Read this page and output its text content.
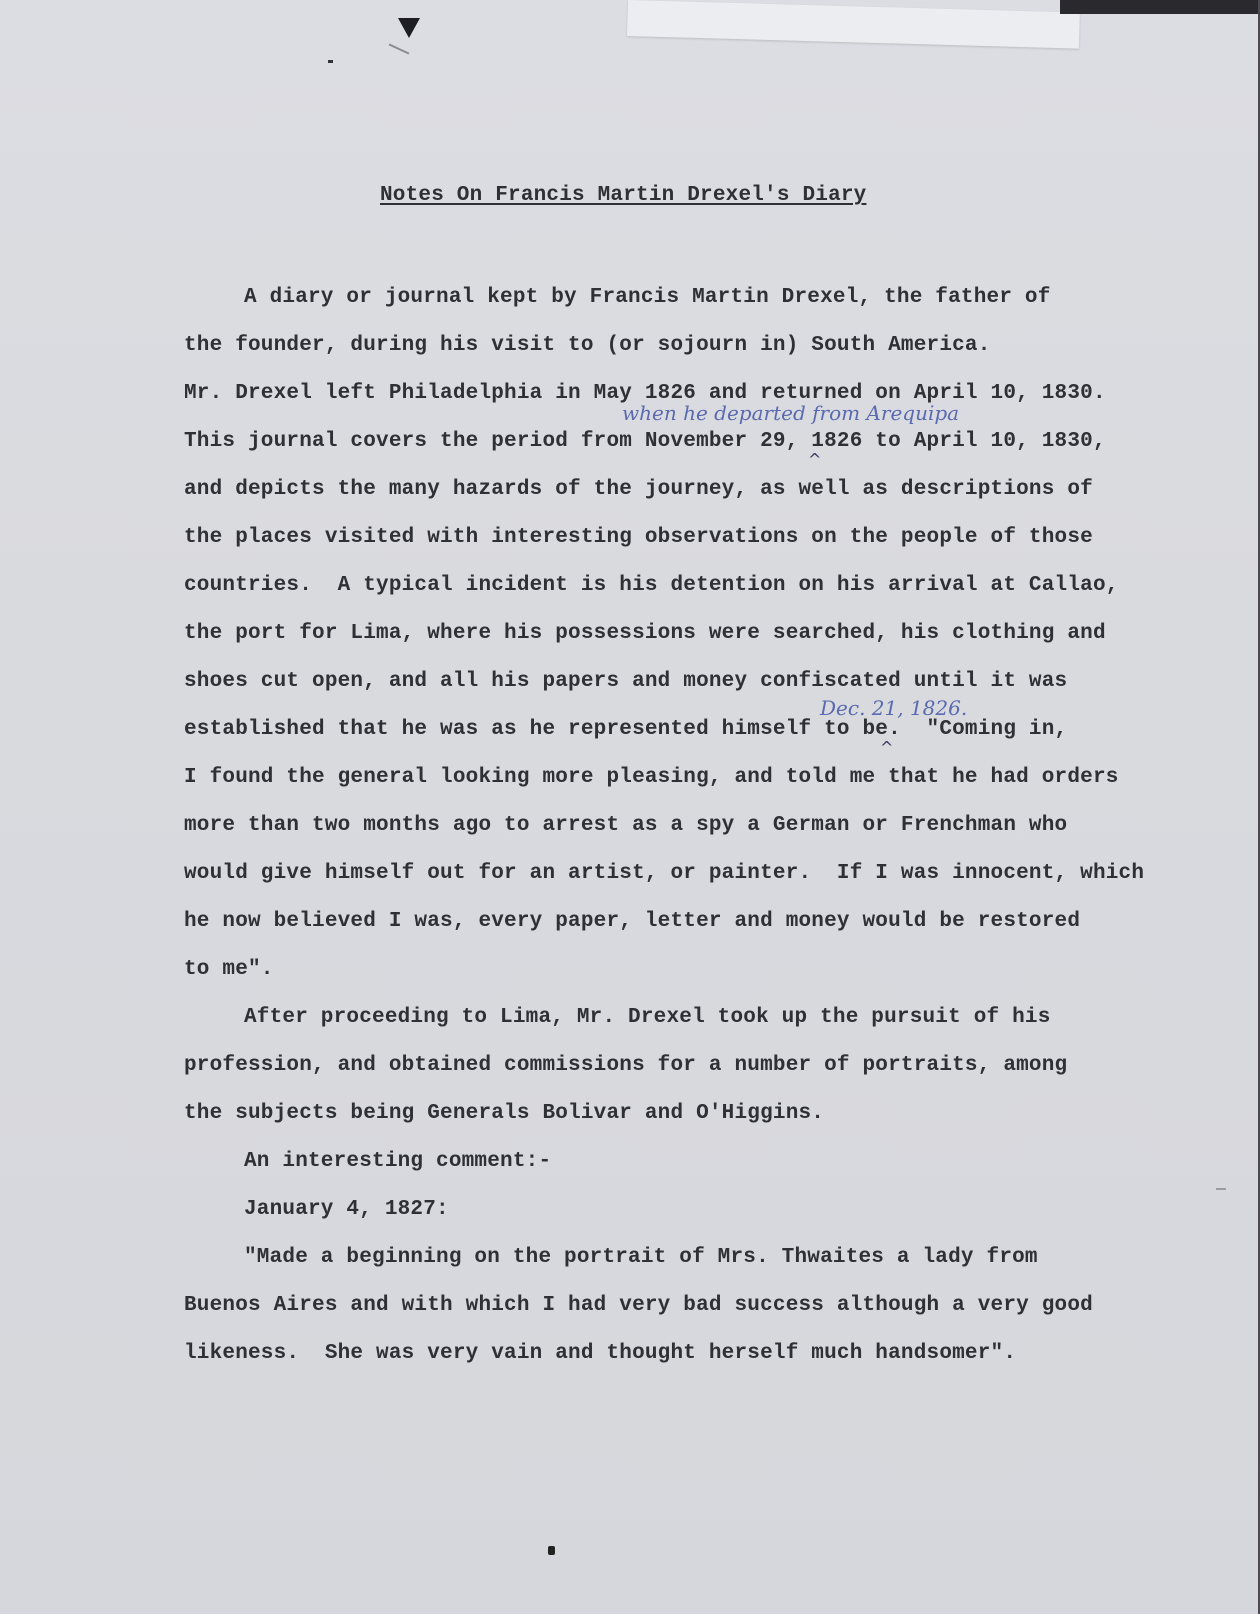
Notes On Francis Martin Drexel's Diary
A diary or journal kept by Francis Martin Drexel, the father of
the founder, during his visit to (or sojourn in) South America.
Mr. Drexel left Philadelphia in May 1826 and returned on April 10, 1830.
when he departed from Arequipa
This journal covers the period from November 29, 1826 to April 10, 1830,
^
and depicts the many hazards of the journey, as well as descriptions of
the places visited with interesting observations on the people of those
countries.  A typical incident is his detention on his arrival at Callao,
the port for Lima, where his possessions were searched, his clothing and
shoes cut open, and all his papers and money confiscated until it was
Dec. 21, 1826.
established that he was as he represented himself to be.  "Coming in,
^
I found the general looking more pleasing, and told me that he had orders
more than two months ago to arrest as a spy a German or Frenchman who
would give himself out for an artist, or painter.  If I was innocent, which
he now believed I was, every paper, letter and money would be restored
to me".
After proceeding to Lima, Mr. Drexel took up the pursuit of his
profession, and obtained commissions for a number of portraits, among
the subjects being Generals Bolivar and O'Higgins.
An interesting comment:-
January 4, 1827:
"Made a beginning on the portrait of Mrs. Thwaites a lady from
Buenos Aires and with which I had very bad success although a very good
likeness.  She was very vain and thought herself much handsomer".
